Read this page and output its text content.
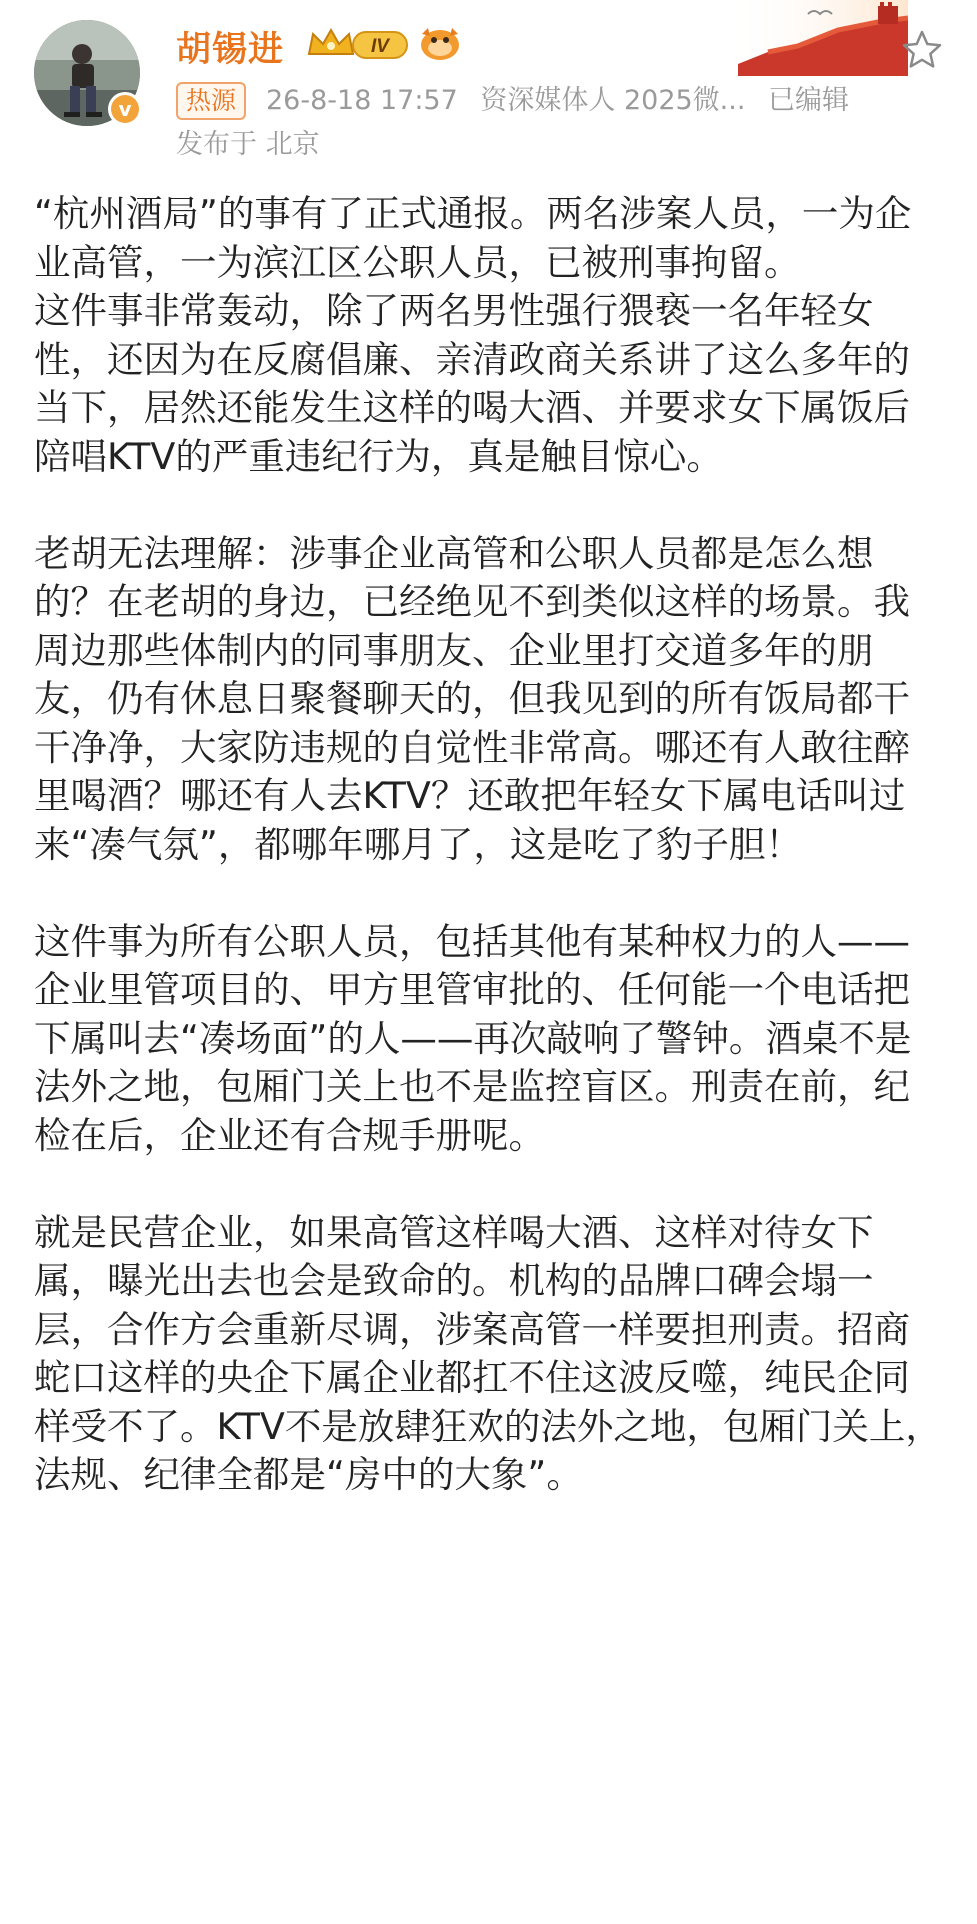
v
胡锡进	IV
热源	26-8-18 17:57 资深媒体人 2025微... 已编辑
发布于 北京

“杭州酒局”的事有了正式通报。两名涉案人员，一为企业高管，一为滨江区公职人员，已被刑事拘留。

这件事非常轰动，除了两名男性强行猥亵一名年轻女性，还因为在反腐倡廉、亲清政商关系讲了这么多年的当下，居然还能发生这样的喝大酒、并要求女下属饭后陪唱KTV的严重违纪行为，真是触目惊心。

老胡无法理解：涉事企业高管和公职人员都是怎么想的？在老胡的身边，已经绝见不到类似这样的场景。我周边那些体制内的同事朋友、企业里打交道多年的朋友，仍有休息日聚餐聊天的，但我见到的所有饭局都干干净净，大家防违规的自觉性非常高。哪还有人敢往醉里喝酒？哪还有人去KTV？还敢把年轻女下属电话叫过来“凑气氛”，都哪年哪月了，这是吃了豹子胆！

这件事为所有公职人员，包括其他有某种权力的人——企业里管项目的、甲方里管审批的、任何能一个电话把下属叫去“凑场面”的人——再次敲响了警钟。酒桌不是法外之地，包厢门关上也不是监控盲区。刑责在前，纪检在后，企业还有合规手册呢。

就是民营企业，如果高管这样喝大酒、这样对待女下属，曝光出去也会是致命的。机构的品牌口碑会塌一层，合作方会重新尽调，涉案高管一样要担刑责。招商蛇口这样的央企下属企业都扛不住这波反噬，纯民企同样受不了。KTV不是放肆狂欢的法外之地，包厢门关上，法规、纪律全都是“房中的大象”。
